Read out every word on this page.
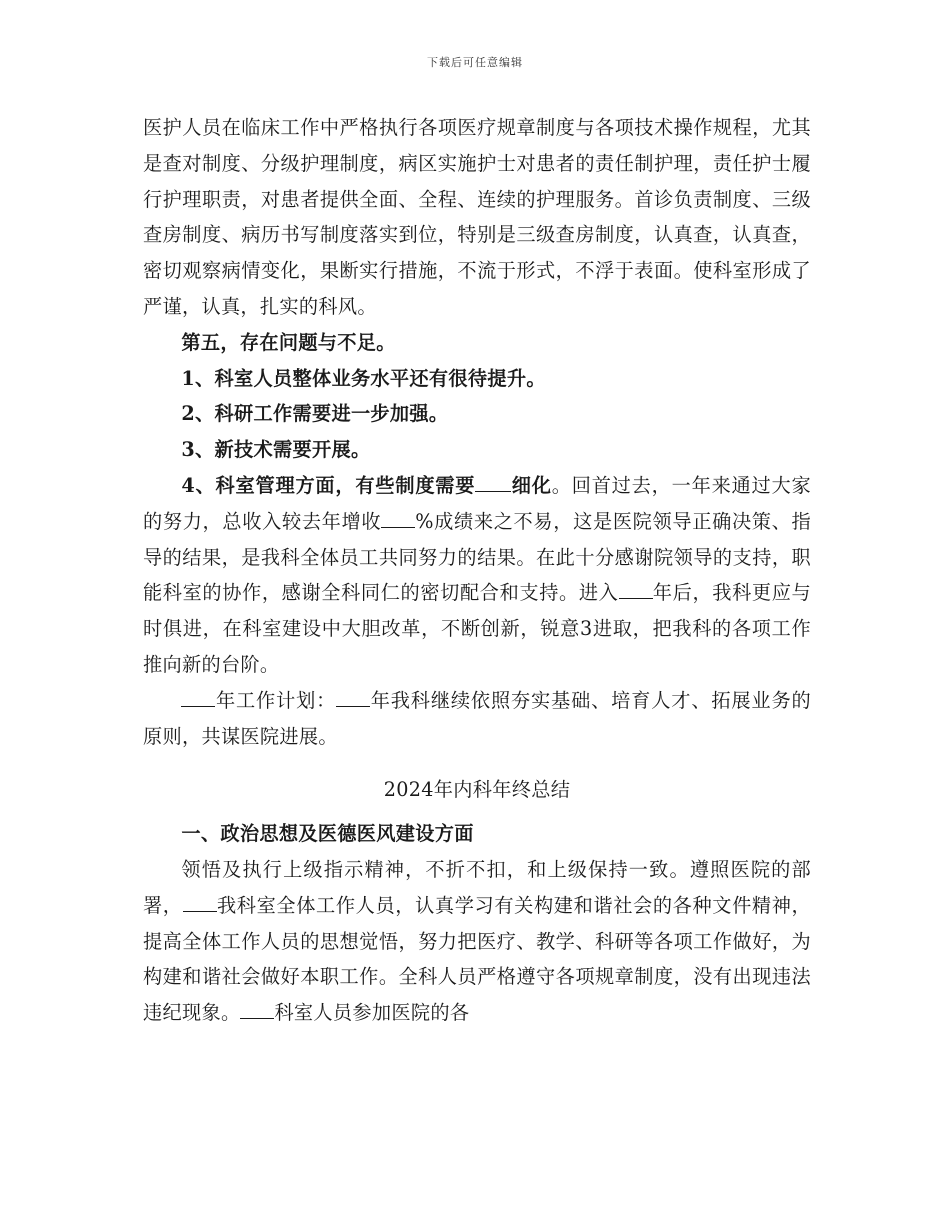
下载后可任意编辑

医护人员在临床工作中严格执行各项医疗规章制度与各项技术操作规程，尤其是查对制度、分级护理制度，病区实施护士对患者的责任制护理，责任护士履行护理职责，对患者提供全面、全程、连续的护理服务。首诊负责制度、三级查房制度、病历书写制度落实到位，特别是三级查房制度，认真查，认真查，密切观察病情变化，果断实行措施，不流于形式，不浮于表面。使科室形成了严谨，认真，扎实的科风。

第五，存在问题与不足。

1、科室人员整体业务水平还有很待提升。

2、科研工作需要进一步加强。

3、新技术需要开展。

4、科室管理方面，有些制度需要 细化。回首过去，一年来通过大家的努力，总收入较去年增收 %成绩来之不易，这是医院领导正确决策、指导的结果，是我科全体员工共同努力的结果。在此十分感谢院领导的支持，职能科室的协作，感谢全科同仁的密切配合和支持。进入 年后，我科更应与时俱进，在科室建设中大胆改革，不断创新，锐意3进取，把我科的各项工作推向新的台阶。

年工作计划： 年我科继续依照夯实基础、培育人才、拓展业务的原则，共谋医院进展。

2024年内科年终总结

一、政治思想及医德医风建设方面

领悟及执行上级指示精神，不折不扣，和上级保持一致。遵照医院的部署， 我科室全体工作人员，认真学习有关构建和谐社会的各种文件精神，提高全体工作人员的思想觉悟，努力把医疗、教学、科研等各项工作做好，为构建和谐社会做好本职工作。全科人员严格遵守各项规章制度，没有出现违法违纪现象。 科室人员参加医院的各
